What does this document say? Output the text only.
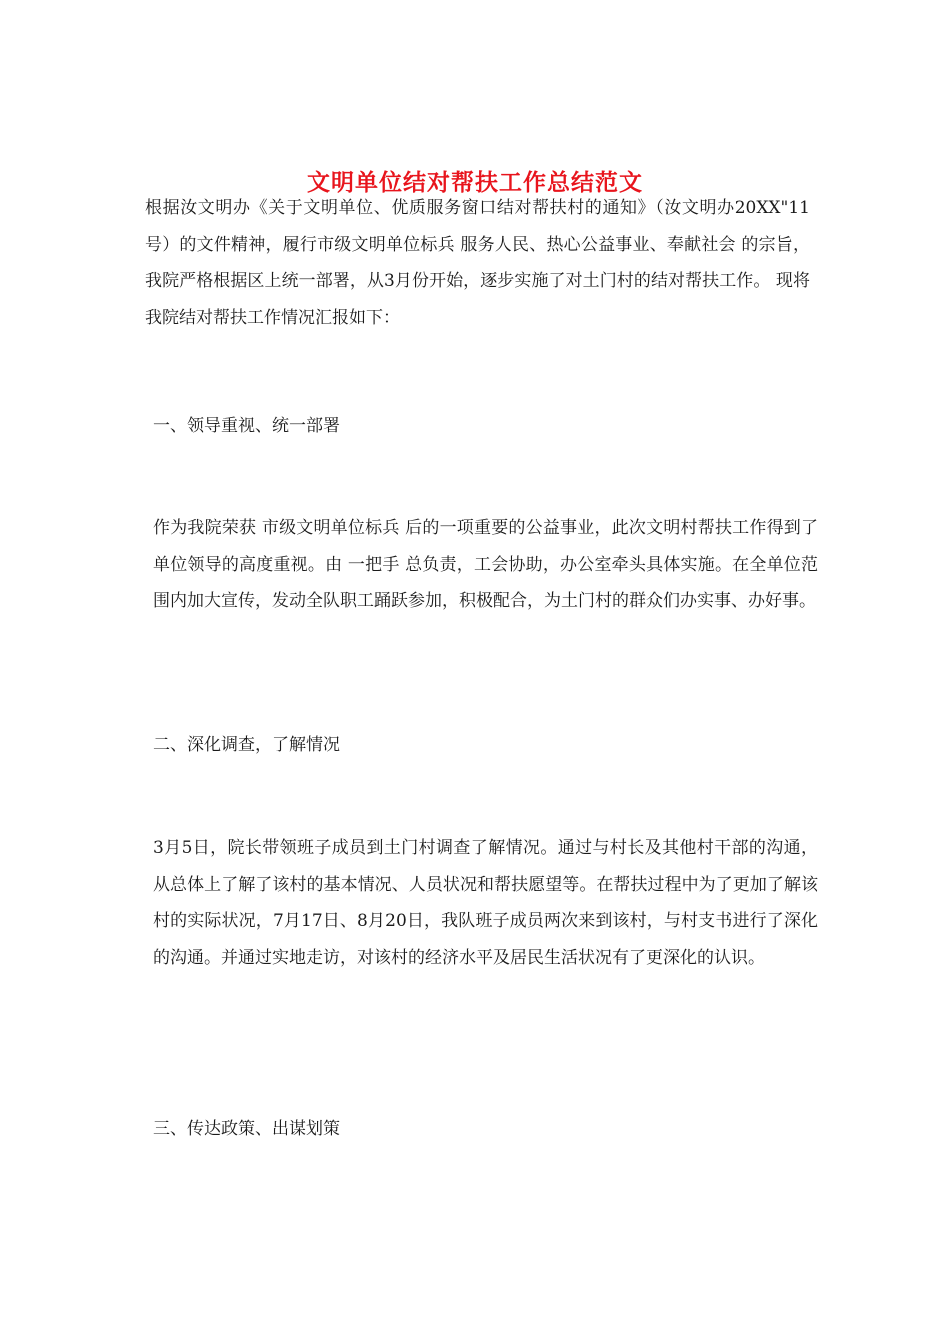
文明单位结对帮扶工作总结范文

根据汝文明办《关于文明单位、优质服务窗口结对帮扶村的通知》（汝文明办20XX"11号）的文件精神，履行市级文明单位标兵 服务人民、热心公益事业、奉献社会 的宗旨，我院严格根据区上统一部署，从3月份开始，逐步实施了对土门村的结对帮扶工作。 现将我院结对帮扶工作情况汇报如下：

一、领导重视、统一部署

作为我院荣获 市级文明单位标兵 后的一项重要的公益事业，此次文明村帮扶工作得到了单位领导的高度重视。由 一把手 总负责，工会协助，办公室牵头具体实施。在全单位范围内加大宣传，发动全队职工踊跃参加，积极配合，为土门村的群众们办实事、办好事。

二、深化调查，了解情况

3月5日，院长带领班子成员到土门村调查了解情况。通过与村长及其他村干部的沟通，从总体上了解了该村的基本情况、人员状况和帮扶愿望等。在帮扶过程中为了更加了解该村的实际状况，7月17日、8月20日，我队班子成员两次来到该村，与村支书进行了深化的沟通。并通过实地走访，对该村的经济水平及居民生活状况有了更深化的认识。

三、传达政策、出谋划策
